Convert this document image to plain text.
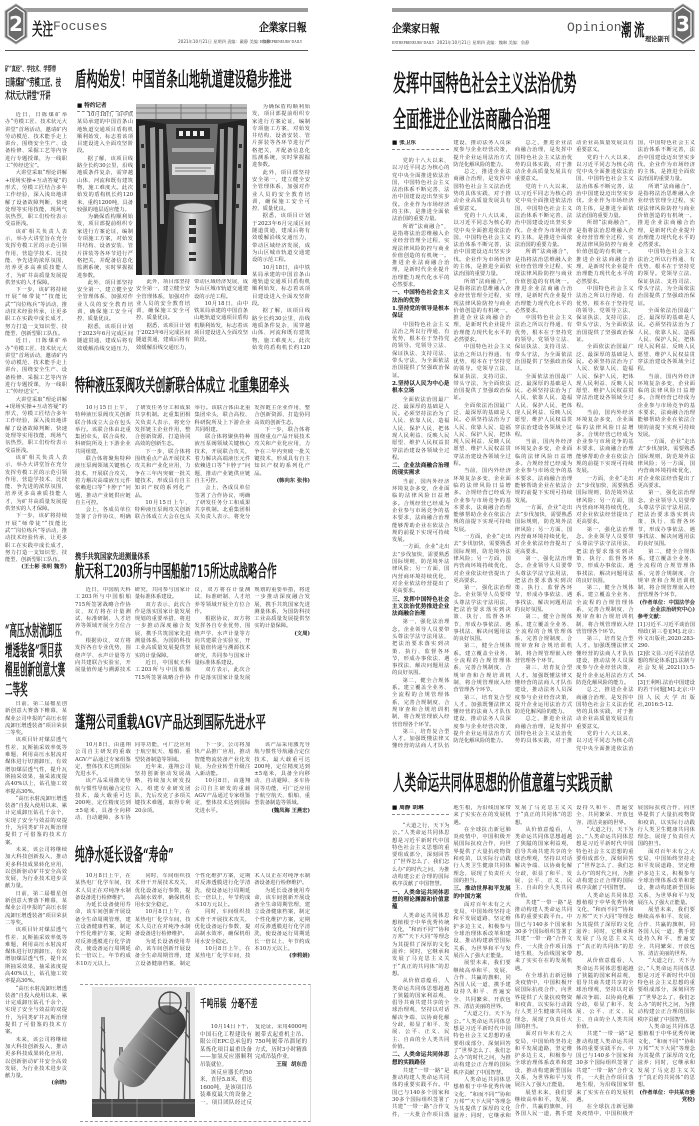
2 关注 Focuses
2021年10月21日 星期四 责编：戴静 美编：詹静
企業家日報
ENTREPRENEURS' DAILY
矿“真经”、学技术、学帮带
日陈煤矿“劳模工匠、技术状元大讲堂”开讲

近日，日陈煤矿举办“劳模工匠、技术状元大讲堂”首场活动，邀请矿内劳动模范、技术能手走上讲台，围绕安全生产、设备检修、采掘工艺等内容进行专题授课，为一线职工“传经送宝”。

大讲堂采取“理论讲解+现场实操+互动答疑”的形式，劳模工匠结合多年工作经验，深入浅出地讲解了设备故障判断、快速处理等实用技能，现场气氛热烈，职工们纷纷表示受益匪浅。

该矿相关负责人表示，举办大讲堂旨在充分发挥劳模工匠的示范引领作用，营造学技术、比技能、争先进的浓厚氛围，培养更多高素质技能人才，为矿井高质量发展提供坚实的人才保障。

下一步，该矿将持续开展“师带徒”“技能比武”“岗位练兵”等活动，推动技术经验传承，让更多职工在实践中成长成才，努力打造一支知识型、技能型、创新型职工队伍。

近日，日陈煤矿举办“劳模工匠、技术状元大讲堂”首场活动，邀请矿内劳动模范、技术能手走上讲台，围绕安全生产、设备检修、采掘工艺等内容进行专题授课，为一线职工“传经送宝”。

大讲堂采取“理论讲解+现场实操+互动答疑”的形式，劳模工匠结合多年工作经验，深入浅出地讲解了设备故障判断、快速处理等实用技能，现场气氛热烈，职工们纷纷表示受益匪浅。

该矿相关负责人表示，举办大讲堂旨在充分发挥劳模工匠的示范引领作用，营造学技术、比技能、争先进的浓厚氛围，培养更多高素质技能人才，为矿井高质量发展提供坚实的人才保障。

下一步，该矿将持续开展“师带徒”“技能比武”“岗位练兵”等活动，推动技术经验传承，让更多职工在实践中成长成才，努力打造一支知识型、技能型、创新型职工队伍。

(王士彬 张明 魏芳)

“高压水射流卸压增透装备”项目获榴星创新创意大赛二等奖

日前，第二届榴星创新创意大赛落下帷幕，某煤业公司申报的“高压水射流卸压增透装备”项目荣获二等奖。

该项目针对煤层透气性差、瓦斯抽采效率低等难题，利用高压水射流对煤体进行切割卸压，有效增加煤层透气性，提升瓦斯抽采效果，抽采浓度提高40%以上，钻孔施工效率提高30%。

“高压水射流卸压增透装备”自投入使用以来，累计完成卸压钻孔千余个，实现了安全与效益的双提升，为同类矿井瓦斯治理提供了可借鉴的技术方案。

未来，该公司将继续加大科技创新投入，推动更多科技成果转化应用，以创新驱动矿井安全高效发展，为行业技术进步贡献力量。

日前，第二届榴星创新创意大赛落下帷幕，某煤业公司申报的“高压水射流卸压增透装备”项目荣获二等奖。

该项目针对煤层透气性差、瓦斯抽采效率低等难题，利用高压水射流对煤体进行切割卸压，有效增加煤层透气性，提升瓦斯抽采效果，抽采浓度提高40%以上，钻孔施工效率提高30%。

“高压水射流卸压增透装备”自投入使用以来，累计完成卸压钻孔千余个，实现了安全与效益的双提升，为同类矿井瓦斯治理提供了可借鉴的技术方案。

未来，该公司将继续加大科技创新投入，推动更多科技成果转化应用，以创新驱动矿井安全高效发展，为行业技术进步贡献力量。

(余晓)

盾构始发！中国首条山地轨道建设稳步推进
■ 特约记者

10月18日，由中铁某局承建的中国首条山地轨道交通项目盾构机顺利始发，标志着该项目建设进入全面攻坚阶段。

据了解，该项目线路全长约30公里，沿线地质条件复杂，需穿越山体、河流和既有建筑物，施工难度大。此次始发的盾构机长约120米，重约1200吨，具备较强的地层适应能力。

为确保盾构顺利始发，项目部提前组织专家进行方案论证，编制专项施工方案，对始发井结构、设备安装、管片拼装等各环节进行严格把关，并配备信息化监测系统，实时掌握掘进参数。

此外，项目部坚持安全第一，建立健全安全管理体系，加强对作业人员的安全教育培训，确保施工安全可控、质量优良。

据悉，该项目计划于2023年6月完成区间隧道贯通，建成后将有效缓解沿线交通压力，

此外，项目部坚持安全第一，建立健全安全管理体系，加强对作业人员的安全教育培训，确保施工安全可控、质量优良。

据悉，该项目计划于2023年6月完成区间隧道贯通，建成后将有效缓解沿线交通压力，带动区域经济发展，成为山区城市轨道交通建设的示范工程。

10月18日，由中铁某局承建的中国首条山地轨道交通项目盾构机顺利始发，标志着该项目建设进入全面攻坚阶段。

为确保盾构顺利始发，项目部提前组织专家进行方案论证，编制专项施工方案，对始发井结构、设备安装、管片拼装等各环节进行严格把关，并配备信息化监测系统，实时掌握掘进参数。

此外，项目部坚持安全第一，建立健全安全管理体系，加强对作业人员的安全教育培训，确保施工安全可控、质量优良。

据悉，该项目计划于2023年6月完成区间隧道贯通，建成后将有效缓解沿线交通压力，带动区域经济发展，成为山区城市轨道交通建设的示范工程。

10月18日，由中铁某局承建的中国首条山地轨道交通项目盾构机顺利始发，标志着该项目建设进入全面攻坚阶段。

据了解，该项目线路全长约30公里，沿线地质条件复杂，需穿越山体、河流和既有建筑物，施工难度大。此次始发的盾构机长约120

特种液压泵阀攻关创新联合体成立 北重集团牵头

10月15日上午，特种液压泵阀攻关创新联合体成立大会在包头举行。该联合体由北重集团牵头，联合高校、科研院所及上下游企业共同组建。

联合体将聚焦特种液压泵阀领域关键核心技术，开展联合攻关，着力解决高端液压元件依赖进口等“卡脖子”问题，推动产业链供应链自主可控。

会上，各成员单位签署了合作协议，明确了研发任务分工和成果共享机制。北重集团相关负责人表示，将充分发挥链主企业作用，整合创新资源，打造协同高效的创新生态。

下一步，联合体将围绕重点产品开展技术攻关和产业化应用，力争在三年内突破一批关键技术，形成具有自主知识产权的系列化产品。

10月15日上午，特种液压泵阀攻关创新联合体成立大会在包头举行。该联合体由北重集团牵头，联合高校、科研院所及上下游企业共同组建。

联合体将聚焦特种液压泵阀领域关键核心技术，开展联合攻关，着力解决高端液压元件依赖进口等“卡脖子”问题，推动产业链供应链自主可控。

会上，各成员单位签署了合作协议，明确了研发任务分工和成果共享机制。北重集团相关负责人表示，将充分发挥链主企业作用，整合创新资源，打造协同高效的创新生态。

下一步，联合体将围绕重点产品开展技术攻关和产业化应用，力争在三年内突破一批关键技术，形成具有自主知识产权的系列化产品。

(韩向东 张伟)

携手共筑国家先进测量体系
航天科工203所与中国船舶715所达成战略合作

近日，中国航天科工203所与中国船舶715所签署战略合作协议，双方将在计量测试、标准研制、人才培养等领域开展全方位合作。

根据协议，双方将发挥各自专业优势，围绕声学、水声计量等方向共建联合实验室，开展量值传递与溯源技术研究，共同参与国家计量标准体系建设。

双方表示，此次合作是落实国家计量发展规划的重要举措，将进一步推动深度融合发展，携手共筑国家先进测量体系，为国防科技工业高质量发展提供坚实的计量保障。

近日，中国航天科工203所与中国船舶715所签署战略合作协议，双方将在计量测试、标准研制、人才培养等领域开展全方位合作。

根据协议，双方将发挥各自专业优势，围绕声学、水声计量等方向共建联合实验室，开展量值传递与溯源技术研究，共同参与国家计量标准体系建设。

双方表示，此次合作是落实国家计量发展规划的重要举措，将进一步推动深度融合发展，携手共筑国家先进测量体系，为国防科技工业高质量发展提供坚实的计量保障。

(文周)

蓬翔公司重载AGV产品达到国际先进水平

10月8日，由蓬翔公司自主研发的重载AGV产品通过专家组鉴定，整体技术达到国际先进水平。

该产品采用激光导航与惯性导航融合定位技术，最大载重可达200吨，定位精度达到±5毫米，具备全向移动、自动避障、多车协同等功能，可广泛应用于航空航天、船舶、重型装备制造等领域。

近年来，蓬翔公司坚持创新驱动发展战略，持续加大研发投入，组建专业研发团队，先后攻克了多项关键技术难题，取得专利20余项。

下一步，公司将加快产品推广应用，推动智能物流装备产业化发展，为企业转型升级注入新动能。

10月8日，由蓬翔公司自主研发的重载AGV产品通过专家组鉴定，整体技术达到国际先进水平。

该产品采用激光导航与惯性导航融合定位技术，最大载重可达200吨，定位精度达到±5毫米，具备全向移动、自动避障、多车协同等功能，可广泛应用于航空航天、船舶、重型装备制造等领域。

(魏凤海 王燕宏)

纯净水延长设备“寿命”

10月8日上午，在某热电厂化学车间，技术人员正在对纯净水制备设备进行检修维护。

为延长设备使用寿命，该车间创新开展设备全生命周期管理，建立设备健康档案，制定个性化维护方案，定期对反渗透膜进行化学清洗，使设备运行周期延长一倍以上，年节约成本10万元以上。

同时，车间组织技术骨干开展技术攻关，优化设备运行参数，提高制水效率，确保机组用水安全稳定。

10月8日上午，在某热电厂化学车间，技术人员正在对纯净水制备设备进行检修维护。

为延长设备使用寿命，该车间创新开展设备全生命周期管理，建立设备健康档案，制定个性化维护方案，定期对反渗透膜进行化学清洗，使设备运行周期延长一倍以上，年节约成本10万元以上。

同时，车间组织技术骨干开展技术攻关，优化设备运行参数，提高制水效率，确保机组用水安全稳定。

10月8日上午，在某热电厂化学车间，技术人员正在对纯净水制备设备进行检修维护。

为延长设备使用寿命，该车间创新开展设备全生命周期管理，建立设备健康档案，制定个性化维护方案，定期对反渗透膜进行化学清洗，使设备运行周期延长一倍以上，年节约成本10万元以上。

(李莉娟)

千吨吊装  分毫不差

10月14日下午，中国石化工程建设有限公司EPC总承包的某炼化项目最重设备——加氢反应器顺利吊装就位。

该反应器长约50米，直径5.8米，重达1600吨，是该项目吊装难度最大的设备之一。项目团队经过反复论证，采用4000吨履带式起重机主吊、750吨履带吊溜尾的方式，历时3小时精准完成吊装作业。

王琨  胡东岳

3
企業家日報
ENTREPRENEURS' DAILY 2021年10月21日 星期四 责编：魏琳 美编：詹静
Opinion 潮流
理论副刊
发挥中国特色社会主义法治优势
全面推进企业法商融合治理
■ 张卫东

党的十八大以来，以习近平同志为核心的党中央全面推进依法治国，中国特色社会主义法治体系不断完善，法治中国建设迈出坚实步伐。企业作为市场经济的主体，是推进全面依法治国的重要力量。

所谓“法商融合”，是指将法治思维融入企业经营管理全过程，实现法律风险防控与商业价值创造的有机统一。推进企业法商融合治理，是新时代企业提升治理能力现代化水平的必然要求。

一、中国特色社会主义法治的优势
1.坚持党的领导是根本保证

中国特色社会主义法治之所以行得通、有优势，根本在于坚持党的领导。党领导立法、保证执法、支持司法、带头守法，为全面依法治国提供了坚强政治保证。

2.坚持以人民为中心是根本立场

全面依法治国最广泛、最深厚的基础是人民。必须坚持法治为了人民、依靠人民、造福人民、保护人民，把体现人民利益、反映人民愿望、维护人民权益贯穿法治建设各领域全过程。

二、企业法商融合治理的现实需求

当前，国内外经济环境复杂多变，企业面临的法律风险日益增多。合规经营已经成为企业参与市场竞争的基本要求，法商融合治理能够帮助企业在依法合规的前提下实现可持续发展。

一方面，企业“走出去”步伐加快，需要熟悉国际规则，防范境外法律风险；另一方面，国内营商环境持续优化，对企业依法经营提出了更高要求。

三、发挥中国特色社会主义法治优势推进企业法商融合治理

第一，强化法治理念。企业领导人员要带头尊法学法守法用法，把法治要求落实到决策、执行、监督各环节，形成办事依法、遇事找法、解决问题用法的良好氛围。

第二，健全合规体系。建立覆盖全业务、全流程的合规管理体系，完善合规制度、合规审查和合规培训机制，将合规管理嵌入经营管理各个环节。

第三，培育复合型人才。加强既懂法律又懂经营的法商人才队伍建设，推动法务人员深度参与企业经营决策，提升企业运用法治方式防范化解风险的能力。

总之，推进企业法商融合治理，是发挥中国特色社会主义法治优势的具体实践，对于推动企业高质量发展具有重要意义。

党的十八大以来，以习近平同志为核心的党中央全面推进依法治国，中国特色社会主义法治体系不断完善，法治中国建设迈出坚实步伐。企业作为市场经济的主体，是推进全面依法治国的重要力量。

所谓“法商融合”，是指将法治思维融入企业经营管理全过程，实现法律风险防控与商业价值创造的有机统一。推进企业法商融合治理，是新时代企业提升治理能力现代化水平的必然要求。

中国特色社会主义法治之所以行得通、有优势，根本在于坚持党的领导。党领导立法、保证执法、支持司法、带头守法，为全面依法治国提供了坚强政治保证。

全面依法治国最广泛、最深厚的基础是人民。必须坚持法治为了人民、依靠人民、造福人民、保护人民，把体现人民利益、反映人民愿望、维护人民权益贯穿法治建设各领域全过程。

当前，国内外经济环境复杂多变，企业面临的法律风险日益增多。合规经营已经成为企业参与市场竞争的基本要求，法商融合治理能够帮助企业在依法合规的前提下实现可持续发展。

一方面，企业“走出去”步伐加快，需要熟悉国际规则，防范境外法律风险；另一方面，国内营商环境持续优化，对企业依法经营提出了更高要求。

第一，强化法治理念。企业领导人员要带头尊法学法守法用法，把法治要求落实到决策、执行、监督各环节，形成办事依法、遇事找法、解决问题用法的良好氛围。

第二，健全合规体系。建立覆盖全业务、全流程的合规管理体系，完善合规制度、合规审查和合规培训机制，将合规管理嵌入经营管理各个环节。

第三，培育复合型人才。加强既懂法律又懂经营的法商人才队伍建设，推动法务人员深度参与企业经营决策，提升企业运用法治方式防范化解风险的能力。

总之，推进企业法商融合治理，是发挥中国特色社会主义法治优势的具体实践，对于推动企业高质量发展具有重要意义。

党的十八大以来，以习近平同志为核心的党中央全面推进依法治国，中国特色社会主义法治体系不断完善，法治中国建设迈出坚实步伐。企业作为市场经济的主体，是推进全面依法治国的重要力量。

所谓“法商融合”，是指将法治思维融入企业经营管理全过程，实现法律风险防控与商业价值创造的有机统一。推进企业法商融合治理，是新时代企业提升治理能力现代化水平的必然要求。

中国特色社会主义法治之所以行得通、有优势，根本在于坚持党的领导。党领导立法、保证执法、支持司法、带头守法，为全面依法治国提供了坚强政治保证。

全面依法治国最广泛、最深厚的基础是人民。必须坚持法治为了人民、依靠人民、造福人民、保护人民，把体现人民利益、反映人民愿望、维护人民权益贯穿法治建设各领域全过程。

当前，国内外经济环境复杂多变，企业面临的法律风险日益增多。合规经营已经成为企业参与市场竞争的基本要求，法商融合治理能够帮助企业在依法合规的前提下实现可持续发展。

一方面，企业“走出去”步伐加快，需要熟悉国际规则，防范境外法律风险；另一方面，国内营商环境持续优化，对企业依法经营提出了更高要求。

第一，强化法治理念。企业领导人员要带头尊法学法守法用法，把法治要求落实到决策、执行、监督各环节，形成办事依法、遇事找法、解决问题用法的良好氛围。

第二，健全合规体系。建立覆盖全业务、全流程的合规管理体系，完善合规制度、合规审查和合规培训机制，将合规管理嵌入经营管理各个环节。

第三，培育复合型人才。加强既懂法律又懂经营的法商人才队伍建设，推动法务人员深度参与企业经营决策，提升企业运用法治方式防范化解风险的能力。

总之，推进企业法商融合治理，是发挥中国特色社会主义法治优势的具体实践，对于推动企业高质量发展具有重要意义。

党的十八大以来，以习近平同志为核心的党中央全面推进依法治国，中国特色社会主义法治体系不断完善，法治中国建设迈出坚实步伐。企业作为市场经济的主体，是推进全面依法治国的重要力量。

所谓“法商融合”，是指将法治思维融入企业经营管理全过程，实现法律风险防控与商业价值创造的有机统一。推进企业法商融合治理，是新时代企业提升治理能力现代化水平的必然要求。

中国特色社会主义法治之所以行得通、有优势，根本在于坚持党的领导。党领导立法、保证执法、支持司法、带头守法，为全面依法治国提供了坚强政治保证。

全面依法治国最广泛、最深厚的基础是人民。必须坚持法治为了人民、依靠人民、造福人民、保护人民，把体现人民利益、反映人民愿望、维护人民权益贯穿法治建设各领域全过程。

当前，国内外经济环境复杂多变，企业面临的法律风险日益增多。合规经营已经成为企业参与市场竞争的基本要求，法商融合治理能够帮助企业在依法合规的前提下实现可持续发展。

一方面，企业“走出去”步伐加快，需要熟悉国际规则，防范境外法律风险；另一方面，国内营商环境持续优化，对企业依法经营提出了更高要求。

第一，强化法治理念。企业领导人员要带头尊法学法守法用法，把法治要求落实到决策、执行、监督各环节，形成办事依法、遇事找法、解决问题用法的良好氛围。

第二，健全合规体系。建立覆盖全业务、全流程的合规管理体系，完善合规制度、合规审查和合规培训机制，将合规管理嵌入经营管理各个环节。

第三，培育复合型人才。加强既懂法律又懂经营的法商人才队伍建设，推动法务人员深度参与企业经营决策，提升企业运用法治方式防范化解风险的能力。

总之，推进企业法商融合治理，是发挥中国特色社会主义法治优势的具体实践，对于推动企业高质量发展具有重要意义。

党的十八大以来，以习近平同志为核心的党中央全面推进依法治国，中国特色社会主义法治体系不断完善，法治中国建设迈出坚实步伐。企业作为市场经济的主体，是推进全面依法治国的重要力量。

所谓“法商融合”，是指将法治思维融入企业经营管理全过程，实现法律风险防控与商业价值创造的有机统一。推进企业法商融合治理，是新时代企业提升治理能力现代化水平的必然要求。

中国特色社会主义法治之所以行得通、有优势，根本在于坚持党的领导。党领导立法、保证执法、支持司法、带头守法，为全面依法治国提供了坚强政治保证。

全面依法治国最广泛、最深厚的基础是人民。必须坚持法治为了人民、依靠人民、造福人民、保护人民，把体现人民利益、反映人民愿望、维护人民权益贯穿法治建设各领域全过程。

当前，国内外经济环境复杂多变，企业面临的法律风险日益增多。合规经营已经成为企业参与市场竞争的基本要求，法商融合治理能够帮助企业在依法合规的前提下实现可持续发展。

一方面，企业“走出去”步伐加快，需要熟悉国际规则，防范境外法律风险；另一方面，国内营商环境持续优化，对企业依法经营提出了更高要求。

第一，强化法治理念。企业领导人员要带头尊法学法守法用法，把法治要求落实到决策、执行、监督各环节，形成办事依法、遇事找法、解决问题用法的良好氛围。

第二，健全合规体系。建立覆盖全业务、全流程的合规管理体系，完善合规制度、合规审查和合规培训机制，将合规管理嵌入经营管理各个环节。

(作者单位：中国法学会企业法治研究中心)

参考文献：

[1]习近平.习近平谈治国理政(第三卷)[M].北京:外文出版社,2020:283-290.

[2]张文显.习近平法治思想的理论体系[J].法制与社会发展,2021(1):5-54.

[3]王利明.法治中国建设的若干问题[M].北京:中国人民大学出版社,2016:5-12.

人类命运共同体思想的价值意蕴与实践贡献
■ 周静 胡琳

“大道之行，天下为公。”人类命运共同体思想是习近平新时代中国特色社会主义思想的重要组成部分，深刻回答了“世界怎么了、我们怎么办”的时代之问，为推动构建公正合理的国际秩序贡献了中国智慧。

一、人类命运共同体思想的理论渊源和价值意蕴

人类命运共同体思想植根于中华优秀传统文化，“和而不同”“协和万邦”“天下大同”等理念为其提供了深厚的文化滋养；同时，它继承和发展了马克思主义关于“真正的共同体”的思想。

从价值意蕴看，人类命运共同体思想超越了狭隘的国家利益观，倡导共商共建共享的全球治理观，坚持以对话解决争端、以协商化解分歧，彰显了和平、发展、公平、正义、民主、自由的全人类共同价值。

二、人类命运共同体思想的实践路径

共建“一带一路”是推动构建人类命运共同体的重要实践平台。中国已与140多个国家和30多个国际组织签署了共建“一带一路”合作文件，一大批合作项目落地生根，为沿线国家带来了实实在在的发展机遇。

在全球抗击新冠肺炎疫情中，中国积极开展国际抗疫合作，向世界提供了大量抗疫物资和疫苗，以实际行动践行人类卫生健康共同体理念，展现了负责任大国的担当。

三、推动世界和平发展的中国方案

面对百年未有之大变局，中国始终坚持走和平发展道路，坚定维护多边主义，积极参与全球治理体系改革和建设，推动构建新型国际关系，为世界和平与发展注入了强大正能量。

展望未来，我们要继续高举和平、发展、合作、共赢的旗帜，同各国人民一道，携手建设持久和平、普遍安全、共同繁荣、开放包容、清洁美丽的世界。

“大道之行，天下为公。”人类命运共同体思想是习近平新时代中国特色社会主义思想的重要组成部分，深刻回答了“世界怎么了、我们怎么办”的时代之问，为推动构建公正合理的国际秩序贡献了中国智慧。

人类命运共同体思想植根于中华优秀传统文化，“和而不同”“协和万邦”“天下大同”等理念为其提供了深厚的文化滋养；同时，它继承和发展了马克思主义关于“真正的共同体”的思想。

从价值意蕴看，人类命运共同体思想超越了狭隘的国家利益观，倡导共商共建共享的全球治理观，坚持以对话解决争端、以协商化解分歧，彰显了和平、发展、公平、正义、民主、自由的全人类共同价值。

共建“一带一路”是推动构建人类命运共同体的重要实践平台。中国已与140多个国家和30多个国际组织签署了共建“一带一路”合作文件，一大批合作项目落地生根，为沿线国家带来了实实在在的发展机遇。

在全球抗击新冠肺炎疫情中，中国积极开展国际抗疫合作，向世界提供了大量抗疫物资和疫苗，以实际行动践行人类卫生健康共同体理念，展现了负责任大国的担当。

面对百年未有之大变局，中国始终坚持走和平发展道路，坚定维护多边主义，积极参与全球治理体系改革和建设，推动构建新型国际关系，为世界和平与发展注入了强大正能量。

展望未来，我们要继续高举和平、发展、合作、共赢的旗帜，同各国人民一道，携手建设持久和平、普遍安全、共同繁荣、开放包容、清洁美丽的世界。

“大道之行，天下为公。”人类命运共同体思想是习近平新时代中国特色社会主义思想的重要组成部分，深刻回答了“世界怎么了、我们怎么办”的时代之问，为推动构建公正合理的国际秩序贡献了中国智慧。

人类命运共同体思想植根于中华优秀传统文化，“和而不同”“协和万邦”“天下大同”等理念为其提供了深厚的文化滋养；同时，它继承和发展了马克思主义关于“真正的共同体”的思想。

从价值意蕴看，人类命运共同体思想超越了狭隘的国家利益观，倡导共商共建共享的全球治理观，坚持以对话解决争端、以协商化解分歧，彰显了和平、发展、公平、正义、民主、自由的全人类共同价值。

共建“一带一路”是推动构建人类命运共同体的重要实践平台。中国已与140多个国家和30多个国际组织签署了共建“一带一路”合作文件，一大批合作项目落地生根，为沿线国家带来了实实在在的发展机遇。

在全球抗击新冠肺炎疫情中，中国积极开展国际抗疫合作，向世界提供了大量抗疫物资和疫苗，以实际行动践行人类卫生健康共同体理念，展现了负责任大国的担当。

面对百年未有之大变局，中国始终坚持走和平发展道路，坚定维护多边主义，积极参与全球治理体系改革和建设，推动构建新型国际关系，为世界和平与发展注入了强大正能量。

展望未来，我们要继续高举和平、发展、合作、共赢的旗帜，同各国人民一道，携手建设持久和平、普遍安全、共同繁荣、开放包容、清洁美丽的世界。

“大道之行，天下为公。”人类命运共同体思想是习近平新时代中国特色社会主义思想的重要组成部分，深刻回答了“世界怎么了、我们怎么办”的时代之问，为推动构建公正合理的国际秩序贡献了中国智慧。

人类命运共同体思想植根于中华优秀传统文化，“和而不同”“协和万邦”“天下大同”等理念为其提供了深厚的文化滋养；同时，它继承和发展了马克思主义关于“真正的共同体”的思想。

(作者单位：中共某市委党校)
